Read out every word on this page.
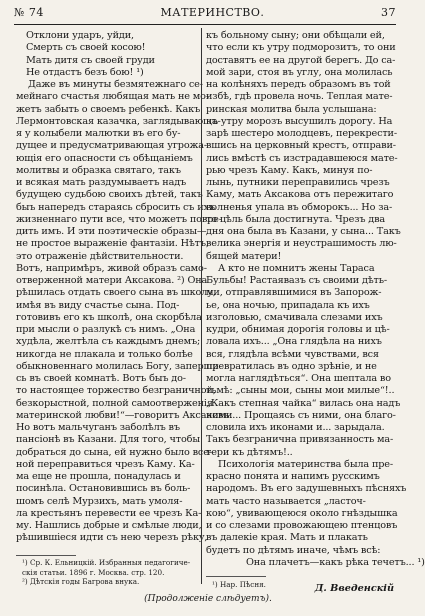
№ 74	МАТЕРИНСТВО.	37
Отклони ударъ, уйди,
Смерть съ своей косою!
Мать дитя съ своей груди
Не отдастъ безъ бою! ¹)
Даже въ минуты безмятежнаго се-
мейнаго счастья любящая мать не мо-
жетъ забыть о своемъ ребенкѣ. Какъ
Лермонтовская казачка, заглядывающа-
я у колыбели малютки въ его бу-
дущее и предусматривающая угрожа-
ющія его опасности съ обѣщаніемъ
молитвы и образка святаго, такъ
и всякая мать раздумываетъ надъ
будущею судьбою своихъ дѣтей, такъ
быъ напередъ стараясь сбросить съ ихъ
жизненнаго пути все, что можетъ повре-
дить имъ. И эти поэтическіе образы—
не простое выраженіе фантазіи. Нѣтъ,
это отраженіе дѣйствительности.
Вотъ, напримѣръ, живой образъ само-
отверженной матери Аксакова. ²) Она
рѣшилась отдать своего сына въ школу,
имѣя въ виду счастье сына. Под-
готовивъ его къ школѣ, она скорбѣла
при мысли о разлукѣ съ нимъ. „Она
худѣла, желтѣла съ каждымъ днемъ;
никогда не плакала и только болѣе
обыкновеннаго молилась Богу, заперши-
сь въ своей комнатѣ. Вотъ быъ до-
то настоящее торжество безграничной,
безкорыстной, полной самоотверженія
материнской любви!“—говоритъ Аксаковъ.
Но вотъ мальчуганъ заболѣлъ въ
пансіонѣ въ Казани. Для того, чтобы
добраться до сына, ей нужно было все-
ной переправиться чрезъ Каму. Ка-
ма еще не прошла, понадулась и
посинѣла. Остановившись въ боль-
шомъ селѣ Мурзихъ, мать умоля-
ла крестьянъ перевести ее чрезъ Ка-
му. Нашлись добрые и смѣлые люди,
рѣшившіеся идти съ нею черезъ рѣку,
къ больному сыну; они обѣщали ей,
что если къ утру подморозитъ, то они
доставятъ ее на другой берегъ. До са-
мой зари, стоя въ углу, она молилась
на колѣняхъ передъ образомъ въ той
избѣ, гдѣ провела ночь. Теплая мате-
ринская молитва была услышана:
къ утру морозъ высушилъ дорогу. На
зарѣ шестеро молодцевъ, перекрести-
вшись на церковный крестъ, отправи-
лись вмѣстѣ съ изстрадавшеюся мате-
рью чрезъ Каму. Какъ, минуя по-
лынь, путники переправились чрезъ
Каму, мать Аксакова отъ пережитаго
волненья упала въ обморокъ... Но за-
то цѣль была достигнута. Чрезъ два
дня она была въ Казани, у сына... Такъ
велика энергія и неустрашимость лю-
бящей матери!
А кто не помнитъ жены Тараса
Бульбы! Растаявазъ съ своими дѣть-
ми, отправлявшимися въ Запорож-
ье, она ночью, припадала къ ихъ
изголовью, смачивала слезами ихъ
кудри, обнимая дорогія головы и цѣ-
ловала ихъ... „Она глядѣла на нихъ
вся, глядѣла всѣми чувствами, вся
превратилась въ одно зрѣніе, и не
могла наглядѣться“. Она шептала во
тьмѣ: „сыны мои, сыны мои милые“!..
„Какъ степная чайка“ вилась она надъ
ними... Прощаясь съ ними, она благо-
словила ихъ иконами и... зарыдала.
Такъ безгранична привязанность ма-
тери къ дѣтямъ!..
Психологія материнства была пре-
красно понята и напимъ русскимъ
народомъ. Въ его задушевныхъ пѣсняхъ
мать часто называется „ласточ-
кою“, увивающеюся около гнѣздышка
и со слезами провожающею птенцовъ
въ далекіе края. Мать и плакать
будетъ по дѣтямъ иначе, чѣмъ всѣ:
Она плачетъ—какъ рѣка течетъ... ¹)
Д. Введенскій
¹) Ср. К. Ельницкій. Избранныя педагогиче-
скія статьи. 1896 г. Москва. стр. 120.
²) Дѣтскія годы Багрова внука.	¹) Нар. Пѣсня.
(Продолженіе слѣдуетъ).
